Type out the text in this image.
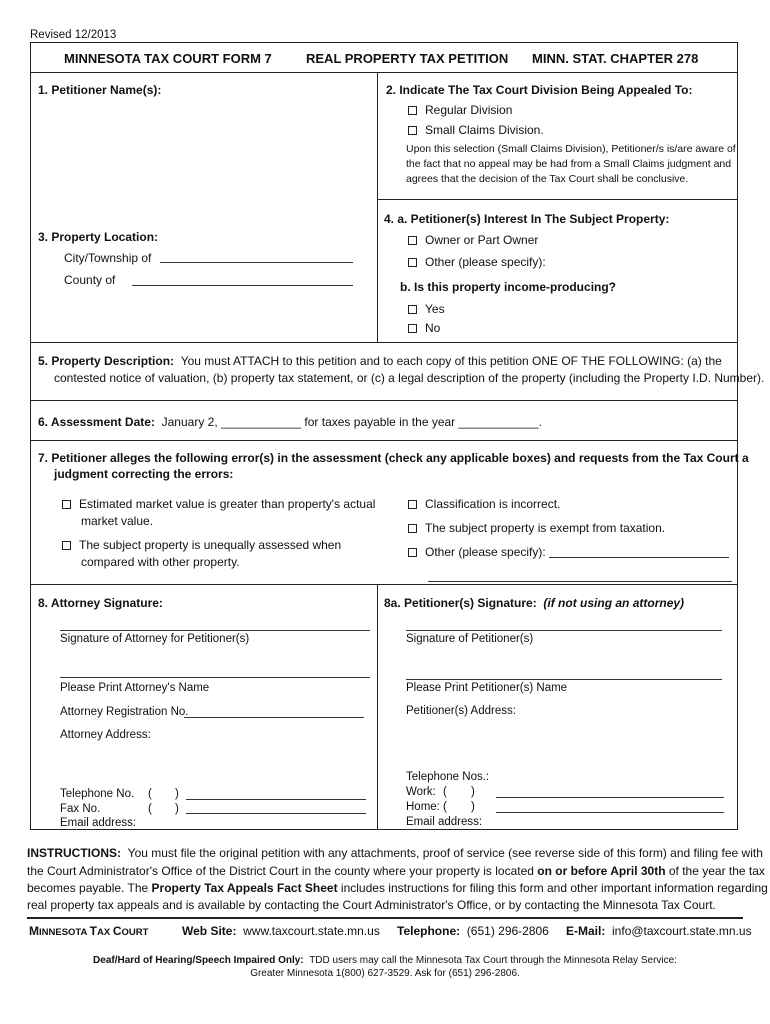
Revised 12/2013
MINNESOTA TAX COURT FORM 7	REAL PROPERTY TAX PETITION MINN. STAT. CHAPTER 278
1. Petitioner Name(s):	2. Indicate The Tax Court Division Being Appealed To:
Regular Division
Small Claims Division.
Upon this selection (Small Claims Division), Petitioner/s is/are aware of
the fact that no appeal may be had from a Small Claims judgment and
agrees that the decision of the Tax Court shall be conclusive.
3. Property Location:
City/Township of
County of
4. a. Petitioner(s) Interest In The Subject Property:
Owner or Part Owner
Other (please specify):
b. Is this property income-producing?
Yes
No
5. Property Description: You must ATTACH to this petition and to each copy of this petition ONE OF THE FOLLOWING: (a) the
contested notice of valuation, (b) property tax statement, or (c) a legal description of the property (including the Property I.D. Number).
6. Assessment Date: January 2, ____________ for taxes payable in the year ____________.
7. Petitioner alleges the following error(s) in the assessment (check any applicable boxes) and requests from the Tax Court a
judgment correcting the errors:
Estimated market value is greater than property's actual
market value.
The subject property is unequally assessed when
compared with other property.
Classification is incorrect.
The subject property is exempt from taxation.
Other (please specify):
8. Attorney Signature:
Signature of Attorney for Petitioner(s)
Please Print Attorney's Name
Attorney Registration No.
Attorney Address:
Telephone No. ( )
Fax No.	( )
Email address:
8a. Petitioner(s) Signature: (if not using an attorney)
Signature of Petitioner(s)
Please Print Petitioner(s) Name
Petitioner(s) Address:
Telephone Nos.:
Work: ( )
Home: ( )
Email address:
INSTRUCTIONS: You must file the original petition with any attachments, proof of service (see reverse side of this form) and filing fee with
the Court Administrator's Office of the District Court in the county where your property is located on or before April 30th of the year the tax
becomes payable. The Property Tax Appeals Fact Sheet includes instructions for filing this form and other important information regarding
real property tax appeals and is available by contacting the Court Administrator's Office, or by contacting the Minnesota Tax Court.
MINNESOTA TAX COURT	Web Site: www.taxcourt.state.mn.us Telephone: (651) 296-2806 E-Mail: info@taxcourt.state.mn.us
Deaf/Hard of Hearing/Speech Impaired Only: TDD users may call the Minnesota Tax Court through the Minnesota Relay Service:
Greater Minnesota 1(800) 627-3529. Ask for (651) 296-2806.
